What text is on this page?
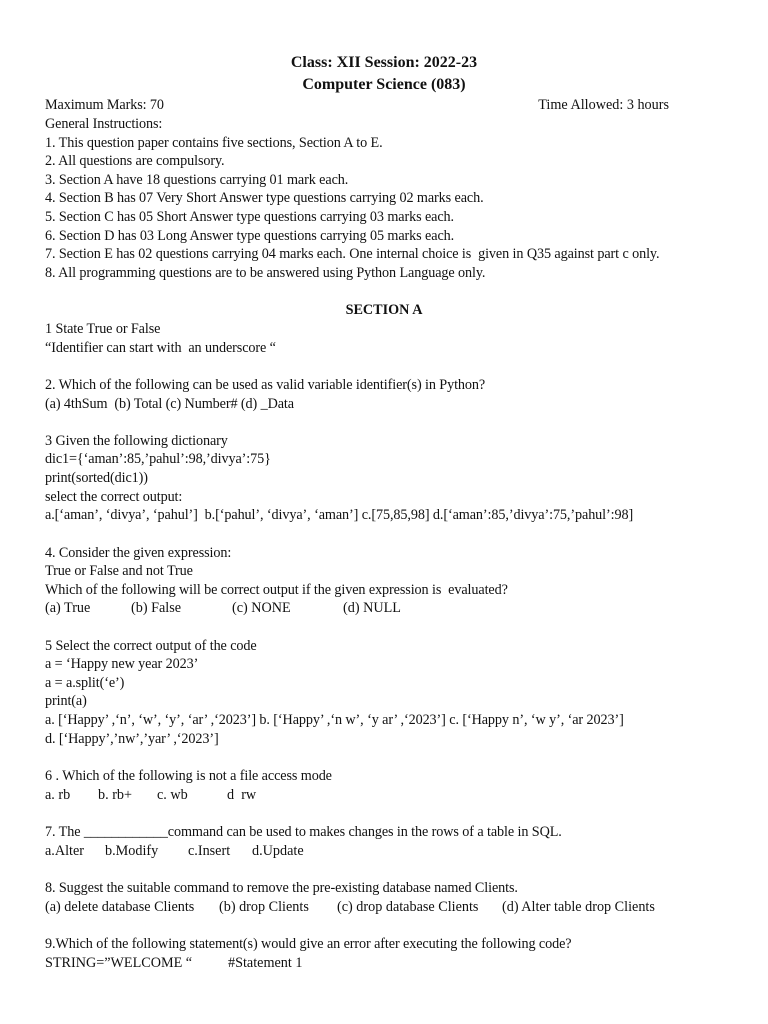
Class: XII Session: 2022-23
Computer Science (083)
Maximum Marks: 70	Time Allowed: 3 hours
General Instructions:
1. This question paper contains five sections, Section A to E.
2. All questions are compulsory.
3. Section A have 18 questions carrying 01 mark each.
4. Section B has 07 Very Short Answer type questions carrying 02 marks each.
5. Section C has 05 Short Answer type questions carrying 03 marks each.
6. Section D has 03 Long Answer type questions carrying 05 marks each.
7. Section E has 02 questions carrying 04 marks each. One internal choice is  given in Q35 against part c only.
8. All programming questions are to be answered using Python Language only.
SECTION A
1 State True or False
“Identifier can start with  an underscore “
2. Which of the following can be used as valid variable identifier(s) in Python?
(a) 4thSum  (b) Total (c) Number# (d) _Data
3 Given the following dictionary
dic1={‘aman’:85,’pahul’:98,’divya’:75}
print(sorted(dic1))
select the correct output:
a.[‘aman’, ‘divya’, ‘pahul’]  b.[‘pahul’, ‘divya’, ‘aman’] c.[75,85,98] d.[‘aman’:85,’divya’:75,’pahul’:98]
4. Consider the given expression:
True or False and not True
Which of the following will be correct output if the given expression is  evaluated?
(a) True	(b) False	(c) NONE	(d) NULL
5 Select the correct output of the code
a = ‘Happy new year 2023’
a = a.split(‘e’)
print(a)
a. [‘Happy’ ,‘n’, ‘w’, ‘y’, ‘ar’ ,‘2023’] b. [‘Happy’ ,‘n w’, ‘y ar’ ,‘2023’] c. [‘Happy n’, ‘w y’, ‘ar 2023’]
d. [‘Happy’,’nw’,’yar’ ,‘2023’]
6 . Which of the following is not a file access mode
a. rb b. rb+ c. wb	d  rw
7. The ____________command can be used to makes changes in the rows of a table in SQL.
a.Alter b.Modify c.Insert d.Update
8. Suggest the suitable command to remove the pre-existing database named Clients.
(a) delete database Clients (b) drop Clients (c) drop database Clients (d) Alter table drop Clients
9.Which of the following statement(s) would give an error after executing the following code?
STRING=”WELCOME “	#Statement 1
